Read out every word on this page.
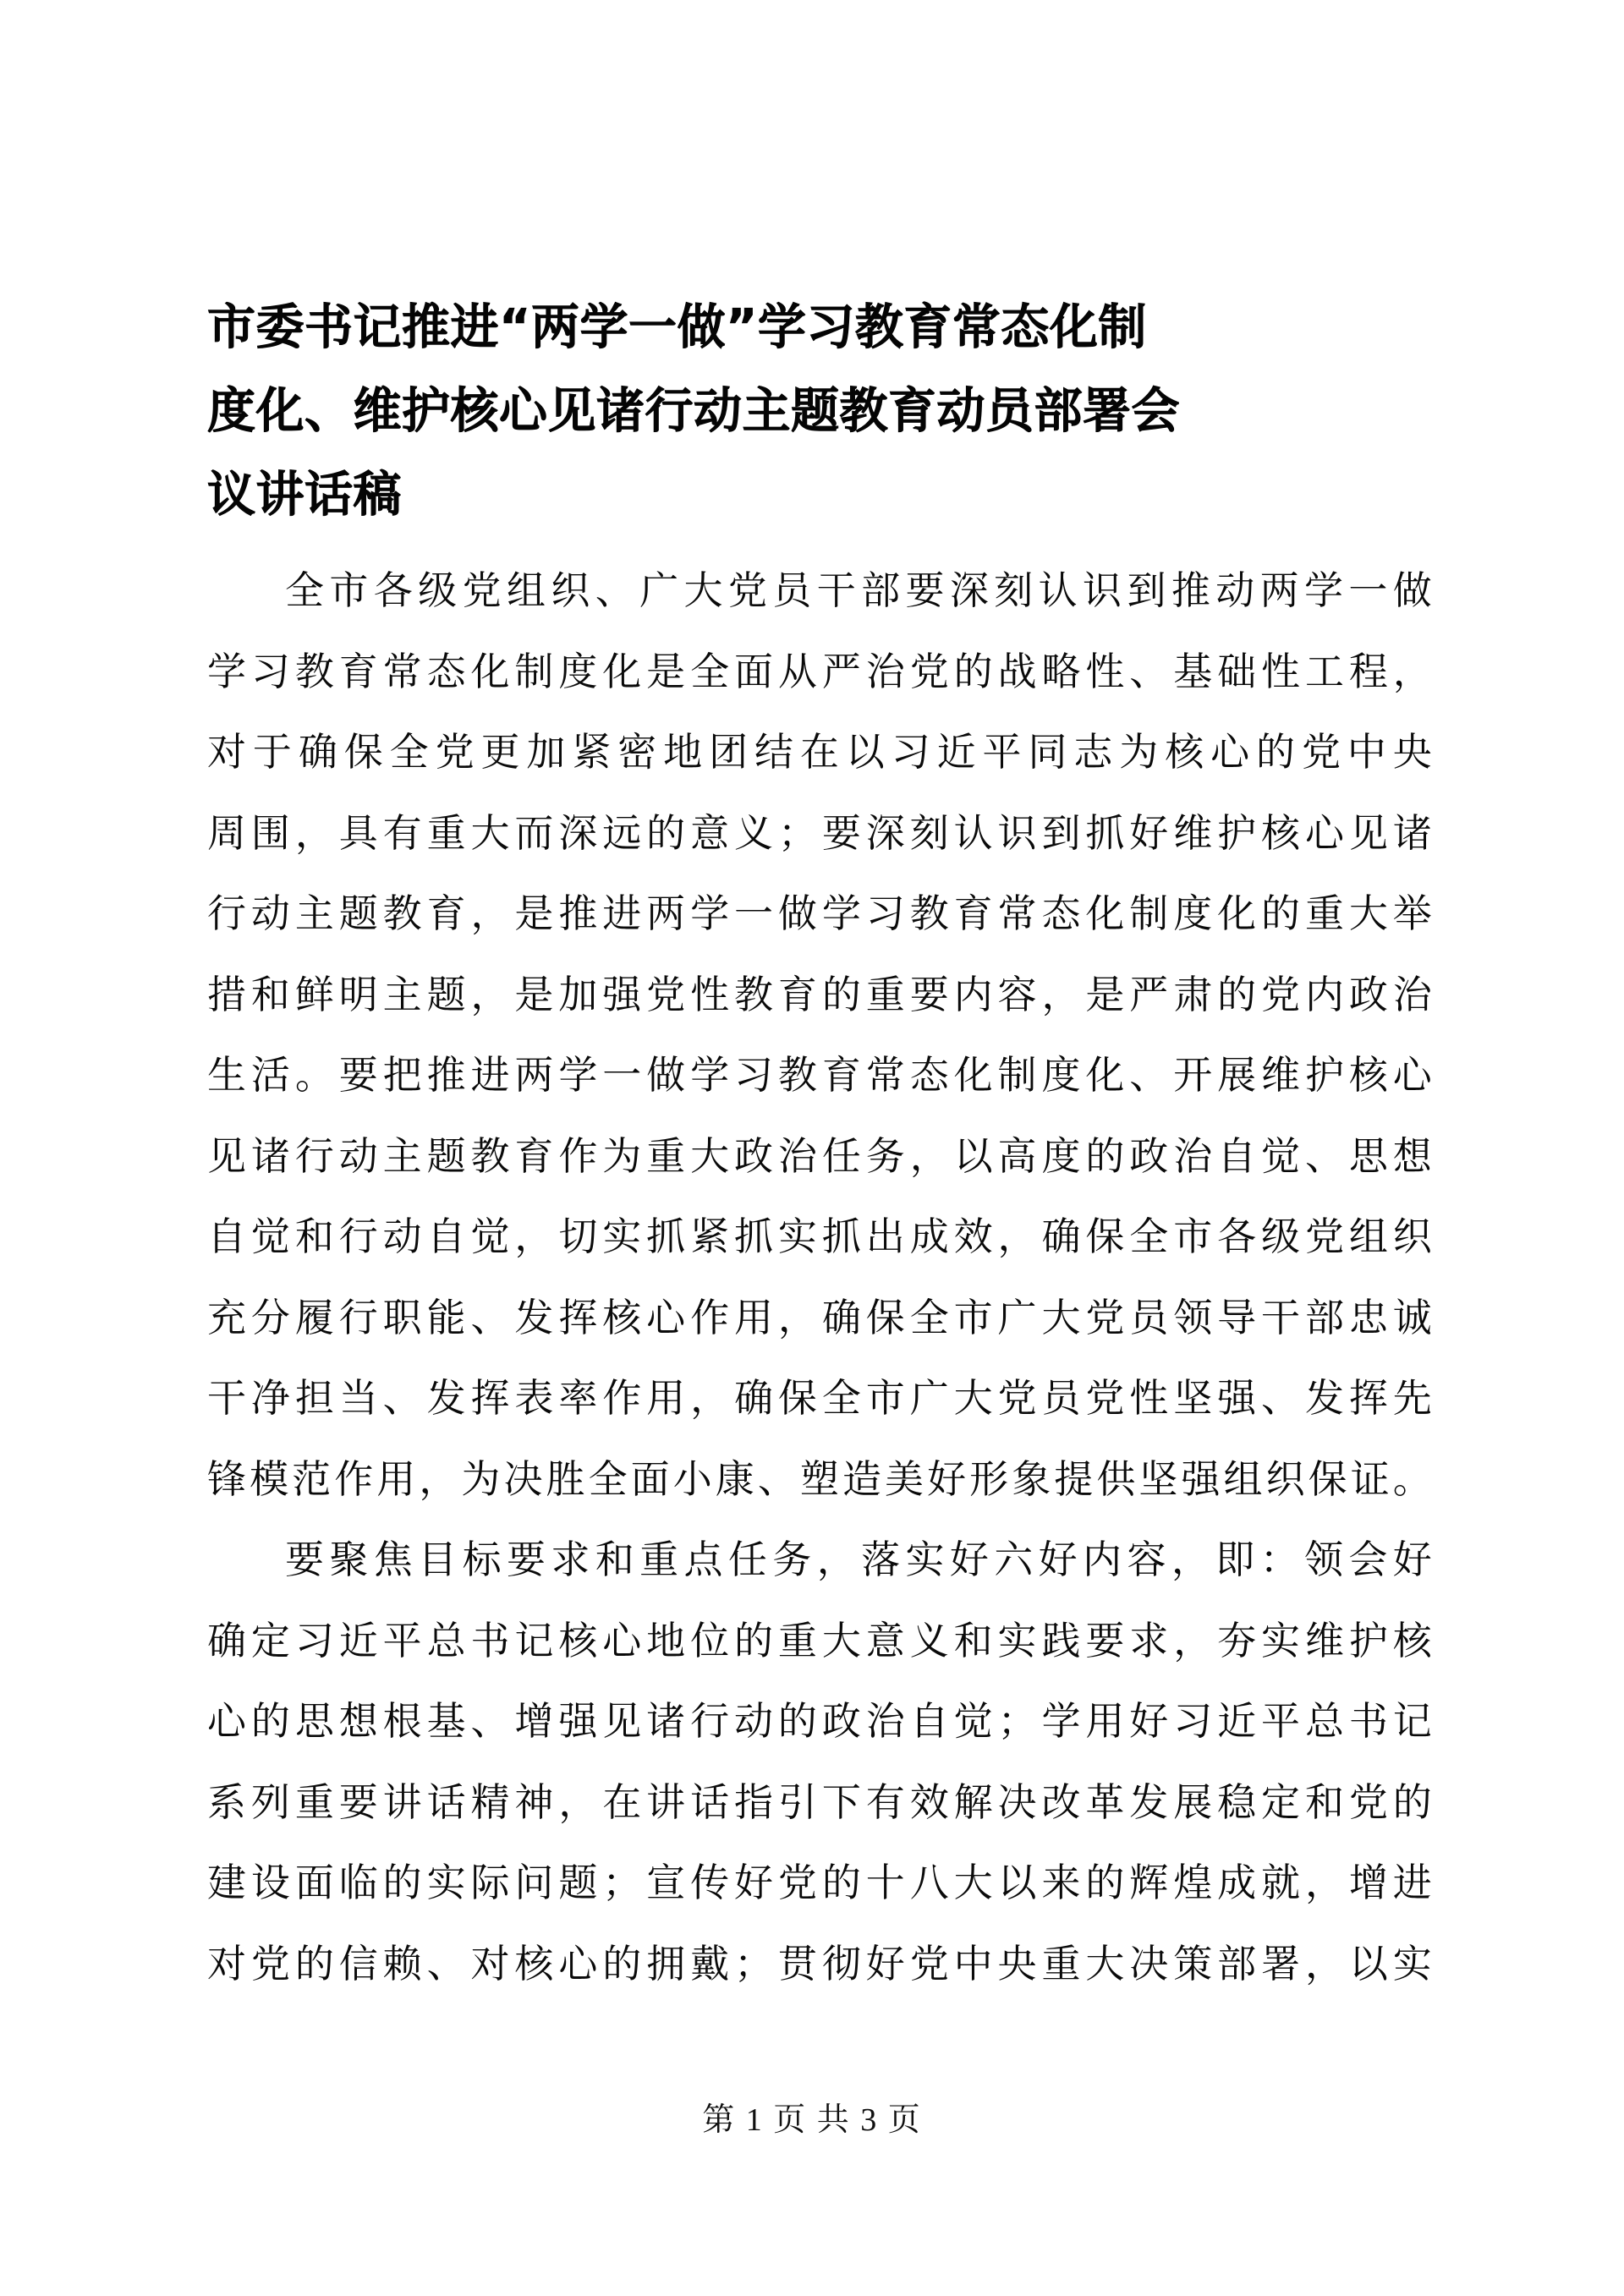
市委书记推进“两学一做”学习教育常态化制
度化、维护核心见诸行动主题教育动员部署会
议讲话稿

全市各级党组织、广大党员干部要深刻认识到推动两学一做
学习教育常态化制度化是全面从严治党的战略性、基础性工程，
对于确保全党更加紧密地团结在以习近平同志为核心的党中央
周围，具有重大而深远的意义；要深刻认识到抓好维护核心见诸
行动主题教育，是推进两学一做学习教育常态化制度化的重大举
措和鲜明主题，是加强党性教育的重要内容，是严肃的党内政治
生活。要把推进两学一做学习教育常态化制度化、开展维护核心
见诸行动主题教育作为重大政治任务，以高度的政治自觉、思想
自觉和行动自觉，切实抓紧抓实抓出成效，确保全市各级党组织
充分履行职能、发挥核心作用，确保全市广大党员领导干部忠诚
干净担当、发挥表率作用，确保全市广大党员党性坚强、发挥先
锋模范作用，为决胜全面小康、塑造美好形象提供坚强组织保证。

要聚焦目标要求和重点任务，落实好六好内容，即：领会好
确定习近平总书记核心地位的重大意义和实践要求，夯实维护核
心的思想根基、增强见诸行动的政治自觉；学用好习近平总书记
系列重要讲话精神，在讲话指引下有效解决改革发展稳定和党的
建设面临的实际问题；宣传好党的十八大以来的辉煌成就，增进
对党的信赖、对核心的拥戴；贯彻好党中央重大决策部署，以实

第 1 页 共 3 页
